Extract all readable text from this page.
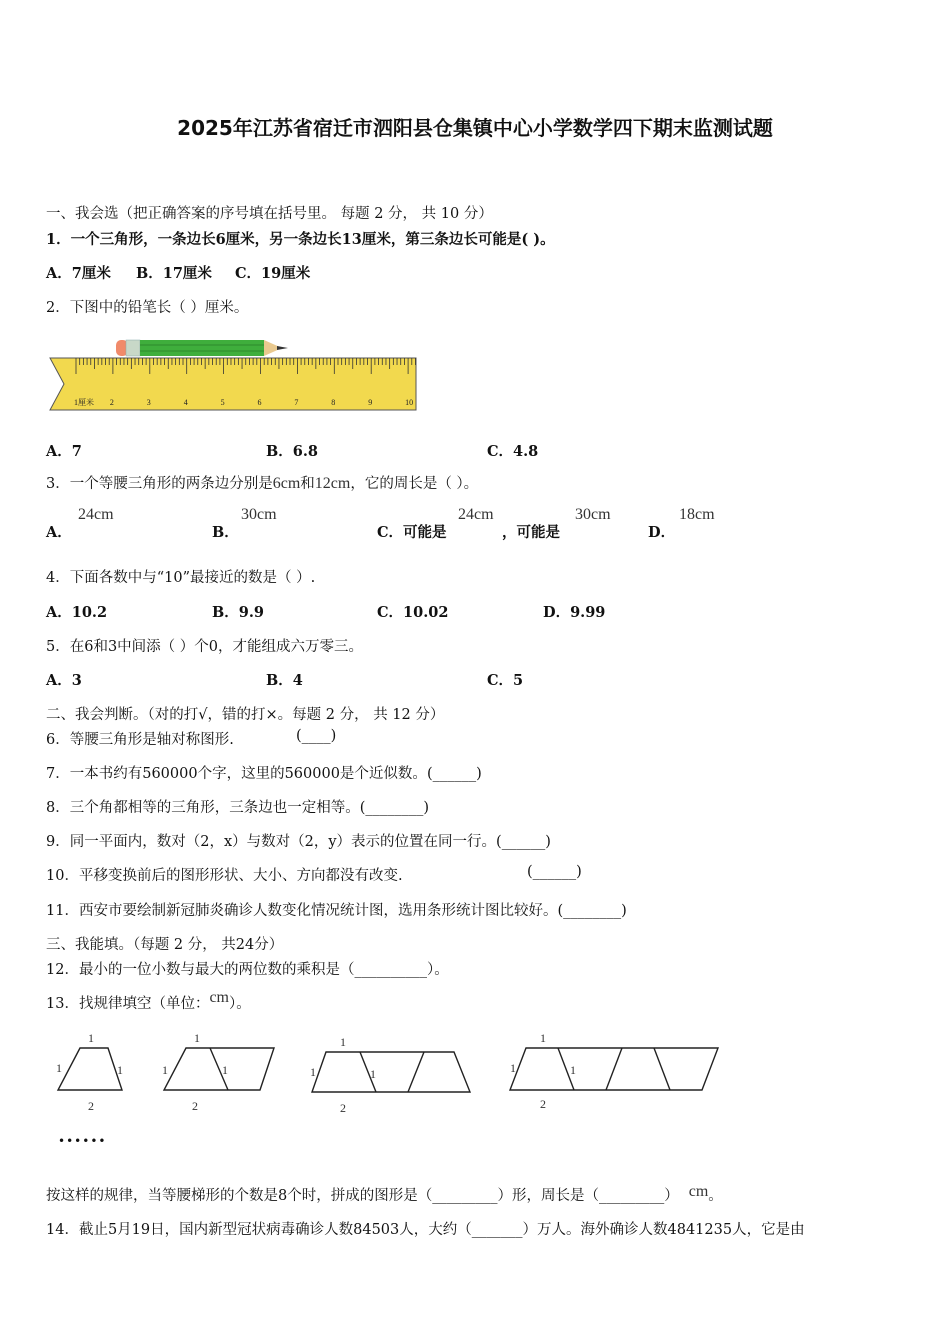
2025年江苏省宿迁市泗阳县仓集镇中心小学数学四下期末监测试题
一、我会选（把正确答案的序号填在括号里。 每题 2 分， 共 10 分）
1．一个三角形，一条边长6厘米，另一条边长13厘米，第三条边长可能是( )。
A．7厘米 B．17厘米 C．19厘米
2．下图中的铅笔长（ ）厘米。
1厘米 2	3	4	5	6	7	8	9	10
A．7	B．6.8	C．4.8
3．一个等腰三角形的两条边分别是6cm和12cm，它的周长是（ ）。
A．
24cm
B．
30cm
C．可能是
24cm
，可能是
30cm
D．
18cm
4．下面各数中与“10”最接近的数是（ ）.
A．10.2	B．9.9	C．10.02	D．9.99
5．在6和3中间添（ ）个0，才能组成六万零三。
A．3	B．4	C．5
二、我会判断。（对的打√，错的打×。每题 2 分， 共 12 分）
6．等腰三角形是轴对称图形.	(____)
7．一本书约有560000个字，这里的560000是个近似数。(______)
8．三个角都相等的三角形，三条边也一定相等。(________)
9．同一平面内，数对（2，x）与数对（2，y）表示的位置在同一行。(______)
10．平移变换前后的图形形状、大小、方向都没有改变.	(______)
11．西安市要绘制新冠肺炎确诊人数变化情况统计图，选用条形统计图比较好。(________)
三、我能填。（每题 2 分， 共24分）
12．最小的一位小数与最大的两位数的乘积是（__________）。
13．找规律填空（单位：cm）。
1
1	1
2
1
1	1
2
1
1	1
2
1
1	1
2
••••••
按这样的规律，当等腰梯形的个数是8个时，拼成的图形是（_________）形，周长是（_________） cm。
14．截止5月19日，国内新型冠状病毒确诊人数84503人，大约（_______）万人。海外确诊人数4841235人，它是由
